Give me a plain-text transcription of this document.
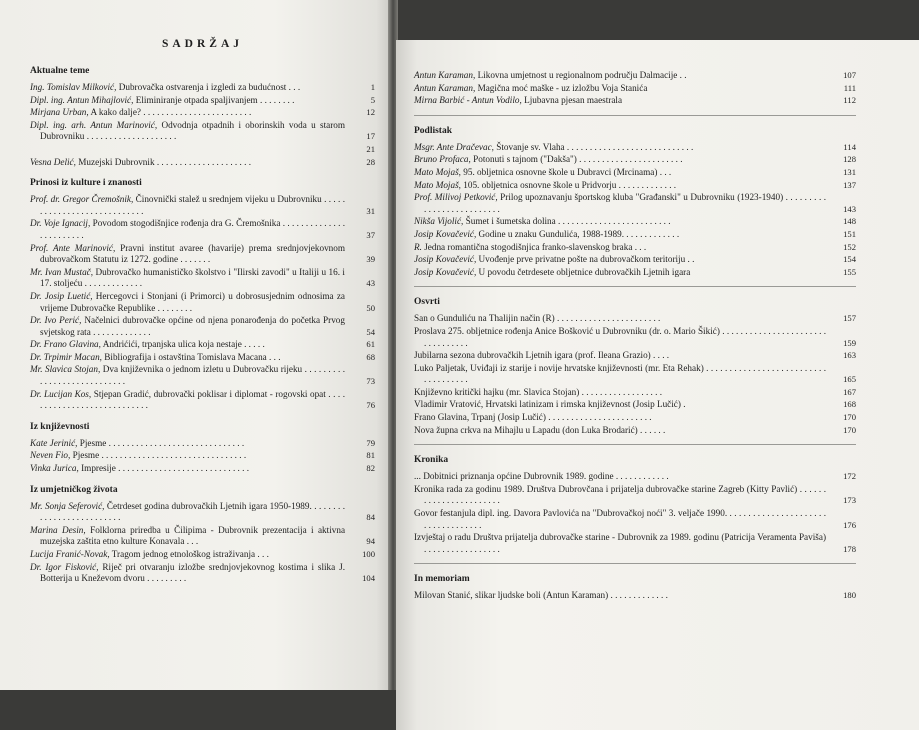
SADRŽAJ
Aktualne teme
Ing. Tomislav Milković, Dubrovačka ostvarenja i izgledi za budućnost . . .	1
Dipl. ing. Antun Mihajlović, Eliminiranje otpada spaljivanjem . . . . . . . .	5
Mirjana Urban, A kako dalje? . . . . . . . . . . . . . . . . . . . . . . . .	12
Dipl. ing. arh. Antun Marinović, Odvodnja otpadnih i oborinskih voda u starom Dubrovniku . . . . . . . . . . . . . . . . . . . .	17
21
Vesna Delić, Muzejski Dubrovnik . . . . . . . . . . . . . . . . . . . . .	28
Prinosi iz kulture i znanosti
Prof. dr. Gregor Čremošnik, Činovnički stalež u srednjem vijeku u Dubrovniku . . . . . . . . . . . . . . . . . . . . . . . . . . . .	31
Dr. Voje Ignacij, Povodom stogodišnjice rođenja dra G. Čremošnika . . . . . . . . . . . . . . . . . . . . . . . .	37
Prof. Ante Marinović, Pravni institut avaree (havarije) prema srednjovjekovnom dubrovačkom Statutu iz 1272. godine . . . . . . .	39
Mr. Ivan Mustač, Dubrovačko humanističko školstvo i "Ilirski zavodi" u Italiji u 16. i 17. stoljeću . . . . . . . . . . . . .	43
Dr. Josip Luetić, Hercegovci i Stonjani (i Primorci) u dobrosusjednim odnosima za vrijeme Dubrovačke Republike . . . . . . . .	50
Dr. Ivo Perić, Načelnici dubrovačke općine od njena ponarođenja do početka Prvog svjetskog rata . . . . . . . . . . . . .	54
Dr. Frano Glavina, Andrićići, trpanjska ulica koja nestaje . . . . .	61
Dr. Trpimir Macan, Bibliografija i ostavština Tomislava Macana . . .	68
Mr. Slavica Stojan, Dva književnika o jednom izletu u Dubrovačku rijeku . . . . . . . . . . . . . . . . . . . . . . . . . . . .	73
Dr. Lucijan Kos, Stjepan Gradić, dubrovački poklisar i diplomat - rogovski opat . . . . . . . . . . . . . . . . . . . . . . . . . . . .	76
Iz književnosti
Kate Jerinić, Pjesme . . . . . . . . . . . . . . . . . . . . . . . . . . . . . .	79
Neven Fio, Pjesme . . . . . . . . . . . . . . . . . . . . . . . . . . . . . . . .	81
Vinka Jurica, Impresije . . . . . . . . . . . . . . . . . . . . . . . . . . . . .	82
Iz umjetničkog života
Mr. Sonja Seferović, Četrdeset godina dubrovačkih Ljetnih igara 1950-1989. . . . . . . . . . . . . . . . . . . . . . . . . .	84
Marina Desin, Folklorna priredba u Čilipima - Dubrovnik prezentacija i aktivna muzejska zaštita etno kulture Konavala . . .	94
Lucija Franić-Novak, Tragom jednog etnološkog istraživanja . . .	100
Dr. Igor Fisković, Riječ pri otvaranju izložbe srednjovjekovnog kostima i slika J. Botterija u Kneževom dvoru . . . . . . . . .	104
Antun Karaman, Likovna umjetnost u regionalnom području Dalmacije . .	107
Antun Karaman, Magična moć maške - uz izložbu Voja Stanića	111
Mirna Barbić - Antun Vodilo, Ljubavna pjesan maestrala	112
Podlistak
Msgr. Ante Dračevac, Štovanje sv. Vlaha . . . . . . . . . . . . . . . . . . . . . . . . . . . .	114
Bruno Profaca, Potonuti s tajnom ("Dakša") . . . . . . . . . . . . . . . . . . . . . . .	128
Mato Mojaš, 95. obljetnica osnovne škole u Dubravci (Mrcinama) . . .	131
Mato Mojaš, 105. obljetnica osnovne škole u Pridvorju . . . . . . . . . . . . .	137
Prof. Milivoj Petković, Prilog upoznavanju športskog kluba "Građanski" u Dubrovniku (1923-1940) . . . . . . . . . . . . . . . . . . . . . . . . . .	143
Nikša Vijolić, Šumet i šumetska dolina . . . . . . . . . . . . . . . . . . . . . . . . .	148
Josip Kovačević, Godine u znaku Gundulića, 1988-1989. . . . . . . . . . . . .	151
R. Jedna romantična stogodišnjica franko-slavenskog braka . . .	152
Josip Kovačević, Uvođenje prve privatne pošte na dubrovačkom teritoriju . .	154
Josip Kovačević, U povodu četrdesete obljetnice dubrovačkih Ljetnih igara	155
Osvrti
San o Gunduliću na Thalijin način (R) . . . . . . . . . . . . . . . . . . . . . . .	157
Proslava 275. obljetnice rođenja Anice Bošković u Dubrovniku (dr. o. Mario Šikić) . . . . . . . . . . . . . . . . . . . . . . . . . . . . . . . . .	159
Jubilarna sezona dubrovačkih Ljetnih igara (prof. Ileana Grazio) . . . .	163
Luko Paljetak, Uviđaji iz starije i novije hrvatske književnosti (mr. Eta Rehak) . . . . . . . . . . . . . . . . . . . . . . . . . . . . . . . . . . . .	165
Književno kritički hajku (mr. Slavica Stojan) . . . . . . . . . . . . . . . . . .	167
Vladimir Vratović, Hrvatski latinizam i rimska književnost (Josip Lučić) .	168
Frano Glavina, Trpanj (Josip Lučić) . . . . . . . . . . . . . . . . . . . . . . .	170
Nova župna crkva na Mihajlu u Lapadu (don Luka Brodarić) . . . . . .	170
Kronika
... Dobitnici priznanja općine Dubrovnik 1989. godine . . . . . . . . . . . .	172
Kronika rada za godinu 1989. Društva Dubrovčana i prijatelja dubrovačke starine Zagreb (Kitty Pavlić) . . . . . . . . . . . . . . . . . . . . . . .	173
Govor festanjula dipl. ing. Davora Pavlovića na "Dubrovačkoj noći" 3. veljače 1990. . . . . . . . . . . . . . . . . . . . . . . . . . . . . . . . . . .	176
Izvještaj o radu Društva prijatelja dubrovačke starine - Dubrovnik za 1989. godinu (Patricija Veramenta Paviša) . . . . . . . . . . . . . . . . .	178
In memoriam
Milovan Stanić, slikar ljudske boli (Antun Karaman) . . . . . . . . . . . . .	180
